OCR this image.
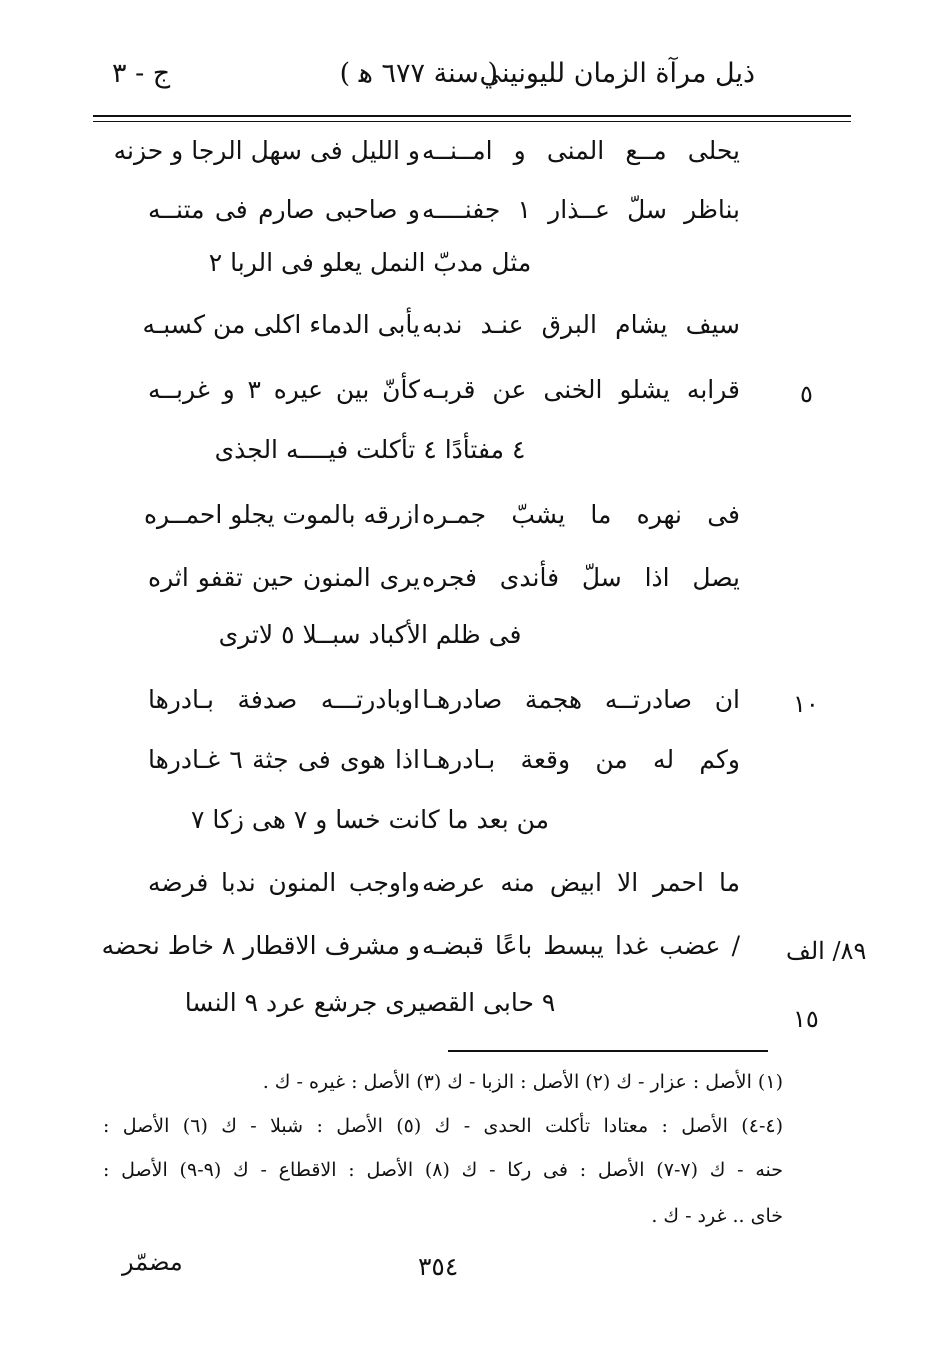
ذيل مرآة الزمان لليونيني
( سنة ٦٧٧ ﻫ )
ج - ٣
يحلى مــع المنى و امــنــه
و الليل فى سهل الرجا و حزنه
بناظر سلّ عــذار ١ جفنــــه
و صاحبى صارم فى متنــه
مثل مدبّ النمل يعلو فى الربا ٢
سيف يشام البرق عنـد ندبه
يأبى الدماء اكلى من كسبـه
قرابه يشلو الخنى عن قربـه
كأنّ بين عيره ٣ و غربــه	٥
٤ مفتأدًا ٤ تأكلت فيــــه الجذى
فى نهره ما يشبّ جمـره
ازرقه بالموت يجلو احمــره
يصل اذا سلّ فأندى فجره
يرى المنون حين تقفو اثره
فى ظلم الأكباد سبــلا ٥ لاترى
ان صادرتــه هجمة صادرهـا
اوبادرتـــه صدفة بـادرها	١٠
وكم له من وقعة بـادرهـا
اذا هوى فى جثة ٦ غـادرها
من بعد ما كانت خسا و ٧ هى زكا ٧
ما احمر الا ابيض منه عرضه
واوجب المنون ندبا فرضه
/ عضب غدا يبسط باعًا قبضـه
و مشرف الاقطار ٨ خاط نحضه	٨٩/ الف
٩ حابى القصيرى جرشع عرد ٩ النسا
١٥
(١) الأصل : عزار - ك (٢) الأصل : الزبا - ك (٣) الأصل : غيره - ك .
(٤-٤) الأصل : معتادا تأكلت الحدى - ك (٥) الأصل : شبلا - ك (٦) الأصل :
حنه - ك (٧-٧) الأصل : فى ركا - ك (٨) الأصل : الاقطاع - ك (٩-٩) الأصل :
خاى .. غرد - ك .
٣٥٤
مضمّر
